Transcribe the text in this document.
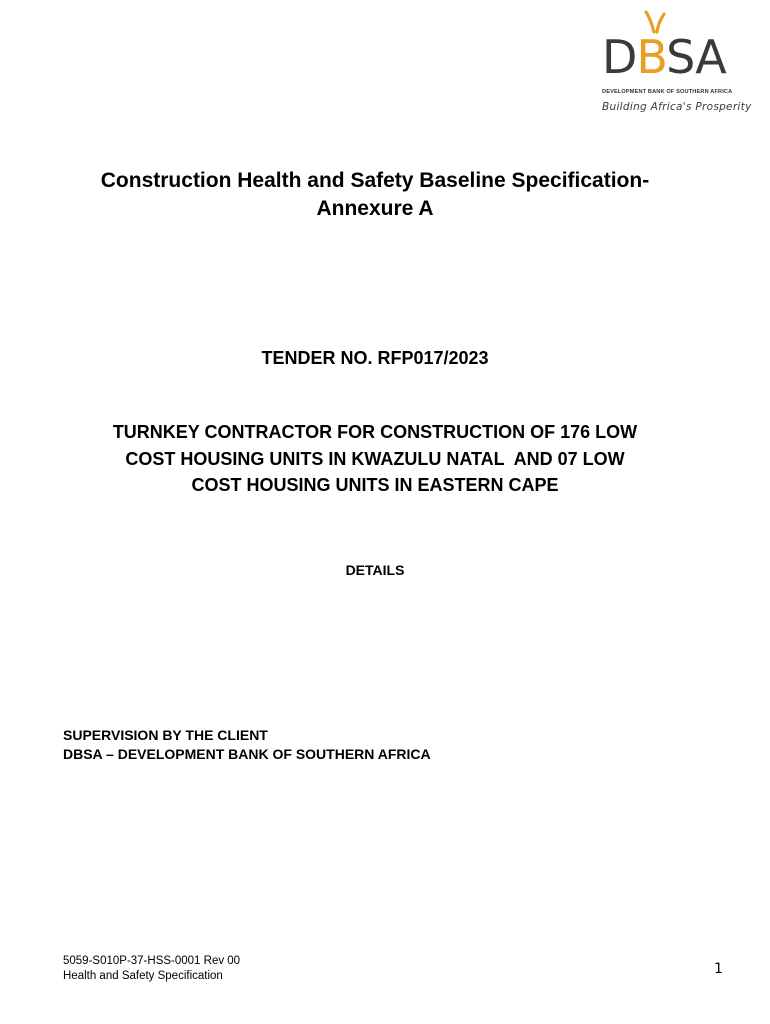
DBSA
DEVELOPMENT BANK OF SOUTHERN AFRICA
Building Africa's Prosperity
Construction Health and Safety Baseline Specification-
Annexure A
TENDER NO. RFP017/2023
TURNKEY CONTRACTOR FOR CONSTRUCTION OF 176 LOW
COST HOUSING UNITS IN KWAZULU NATAL  AND 07 LOW
COST HOUSING UNITS IN EASTERN CAPE
DETAILS
SUPERVISION BY THE CLIENT
DBSA – DEVELOPMENT BANK OF SOUTHERN AFRICA
5059-S010P-37-HSS-0001 Rev 00
Health and Safety Specification	1
